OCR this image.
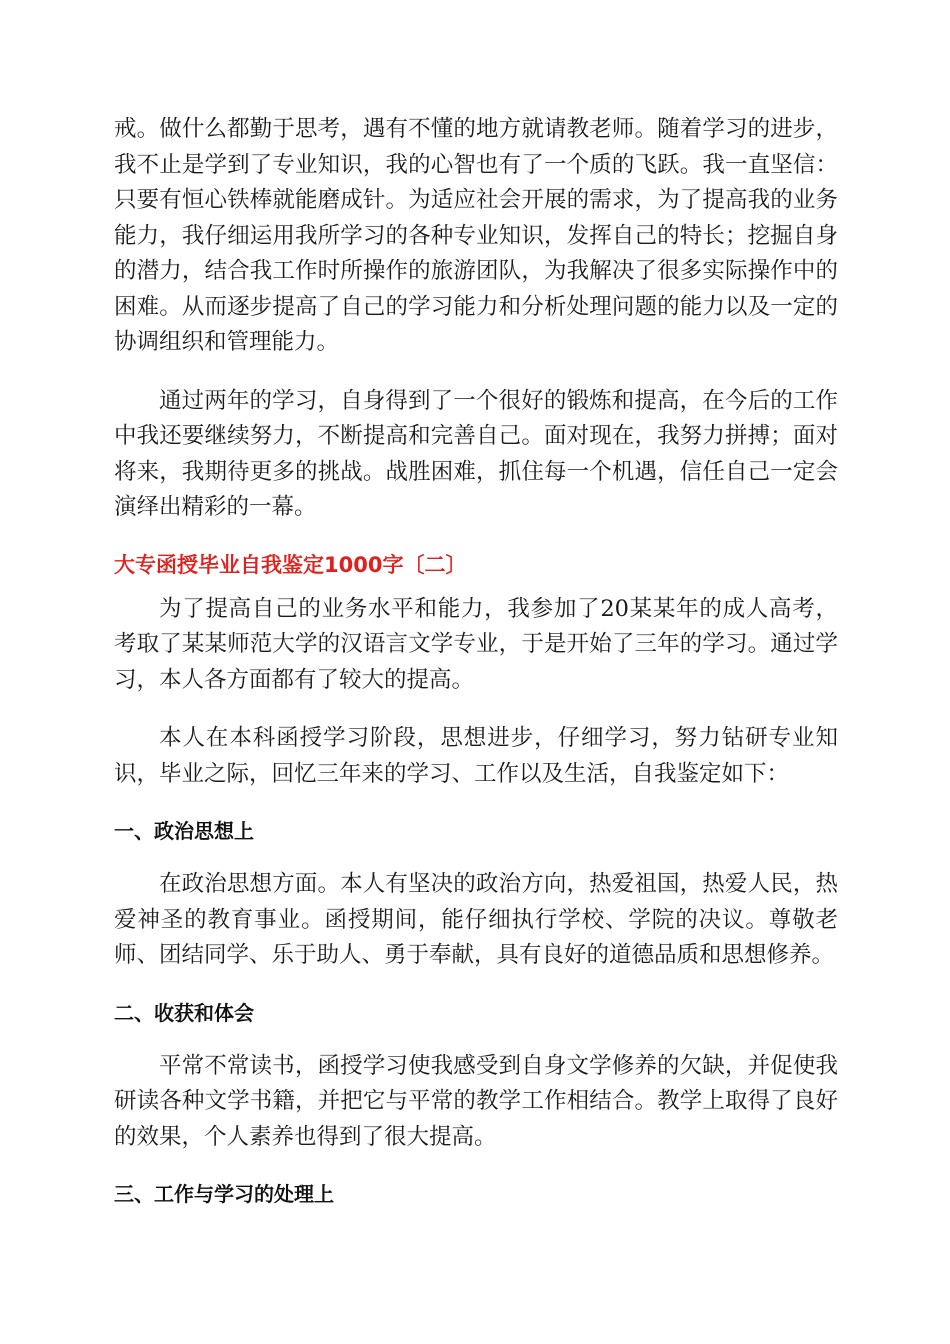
戒。做什么都勤于思考，遇有不懂的地方就请教老师。随着学习的进步，我不止是学到了专业知识，我的心智也有了一个质的飞跃。我一直坚信：只要有恒心铁棒就能磨成针。为适应社会开展的需求，为了提高我的业务能力，我仔细运用我所学习的各种专业知识，发挥自己的特长；挖掘自身的潜力，结合我工作时所操作的旅游团队，为我解决了很多实际操作中的困难。从而逐步提高了自己的学习能力和分析处理问题的能力以及一定的协调组织和管理能力。

通过两年的学习，自身得到了一个很好的锻炼和提高，在今后的工作中我还要继续努力，不断提高和完善自己。面对现在，我努力拼搏；面对将来，我期待更多的挑战。战胜困难，抓住每一个机遇，信任自己一定会演绎出精彩的一幕。

大专函授毕业自我鉴定1000字〔二〕

为了提高自己的业务水平和能力，我参加了20某某年的成人高考，考取了某某师范大学的汉语言文学专业，于是开始了三年的学习。通过学习，本人各方面都有了较大的提高。

本人在本科函授学习阶段，思想进步，仔细学习，努力钻研专业知识，毕业之际，回忆三年来的学习、工作以及生活，自我鉴定如下：

一、政治思想上

在政治思想方面。本人有坚决的政治方向，热爱祖国，热爱人民，热爱神圣的教育事业。函授期间，能仔细执行学校、学院的决议。尊敬老师、团结同学、乐于助人、勇于奉献，具有良好的道德品质和思想修养。

二、收获和体会

平常不常读书，函授学习使我感受到自身文学修养的欠缺，并促使我研读各种文学书籍，并把它与平常的教学工作相结合。教学上取得了良好的效果，个人素养也得到了很大提高。

三、工作与学习的处理上
